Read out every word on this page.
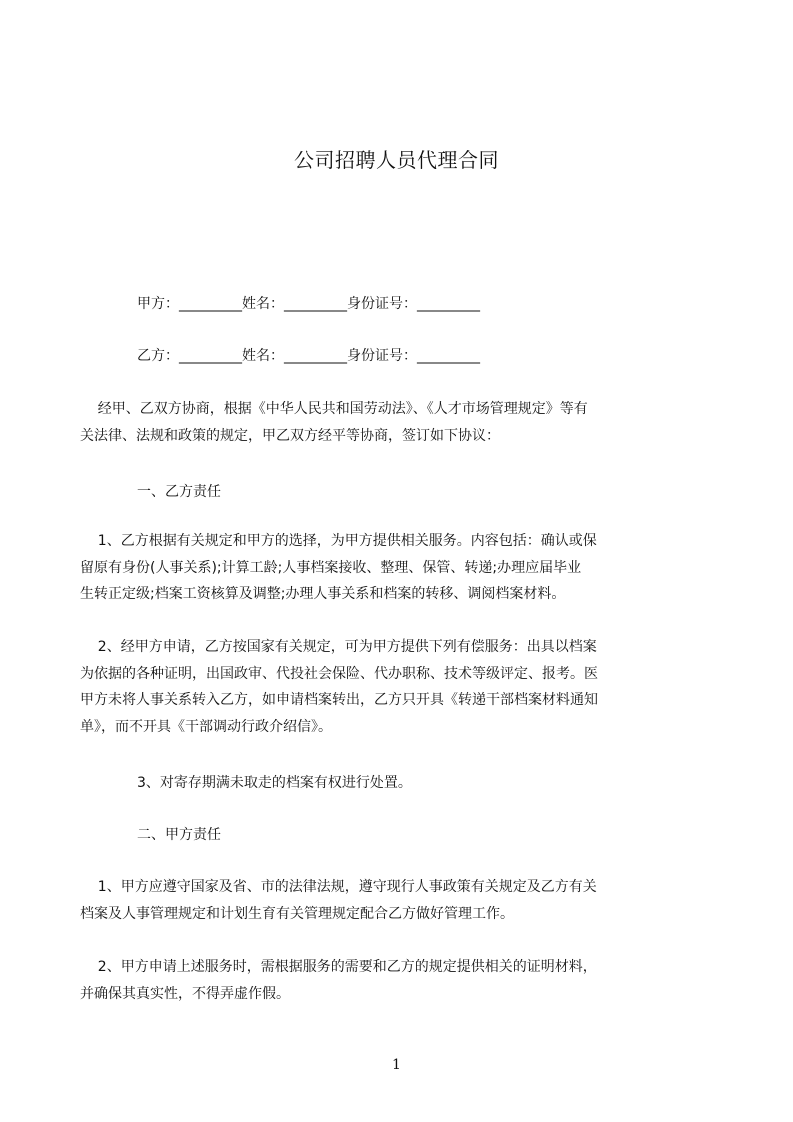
公司招聘人员代理合同
甲方：_________姓名：_________身份证号：_________
乙方：_________姓名：_________身份证号：_________

经甲、乙双方协商，根据《中华人民共和国劳动法》、《人才市场管理规定》等有

关法律、法规和政策的规定，甲乙双方经平等协商，签订如下协议：

一、乙方责任

1、乙方根据有关规定和甲方的选择，为甲方提供相关服务。内容包括：确认或保

留原有身份(人事关系);计算工龄;人事档案接收、整理、保管、转递;办理应届毕业

生转正定级;档案工资核算及调整;办理人事关系和档案的转移、调阅档案材料。

2、经甲方申请，乙方按国家有关规定，可为甲方提供下列有偿服务：出具以档案

为依据的各种证明，出国政审、代投社会保险、代办职称、技术等级评定、报考。医

甲方未将人事关系转入乙方，如申请档案转出，乙方只开具《转递干部档案材料通知

单》，而不开具《干部调动行政介绍信》。

3、对寄存期满未取走的档案有权进行处置。
二、甲方责任

1、甲方应遵守国家及省、市的法律法规，遵守现行人事政策有关规定及乙方有关

档案及人事管理规定和计划生育有关管理规定配合乙方做好管理工作。

2、甲方申请上述服务时，需根据服务的需要和乙方的规定提供相关的证明材料，

并确保其真实性，不得弄虚作假。

1
